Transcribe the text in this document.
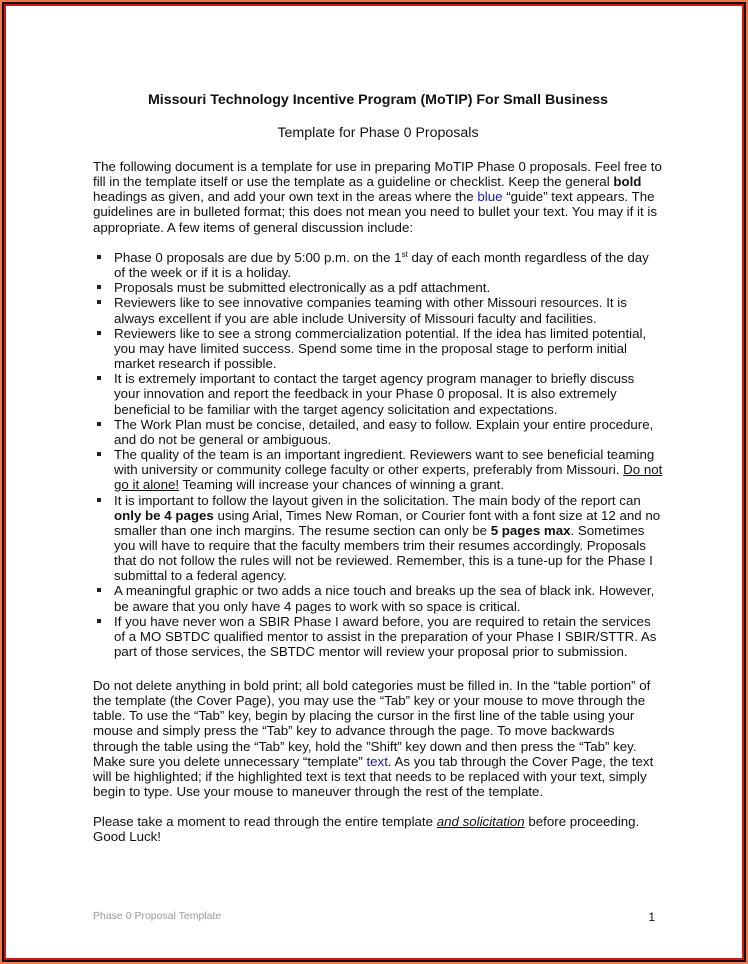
Missouri Technology Incentive Program (MoTIP) For Small Business
Template for Phase 0 Proposals

The following document is a template for use in preparing MoTIP Phase 0 proposals. Feel free to fill in the template itself or use the template as a guideline or checklist. Keep the general bold headings as given, and add your own text in the areas where the blue “guide” text appears. The guidelines are in bulleted format; this does not mean you need to bullet your text. You may if it is appropriate. A few items of general discussion include:

Phase 0 proposals are due by 5:00 p.m. on the 1st day of each month regardless of the day of the week or if it is a holiday.
Proposals must be submitted electronically as a pdf attachment.
Reviewers like to see innovative companies teaming with other Missouri resources. It is always excellent if you are able include University of Missouri faculty and facilities.
Reviewers like to see a strong commercialization potential. If the idea has limited potential, you may have limited success. Spend some time in the proposal stage to perform initial market research if possible.
It is extremely important to contact the target agency program manager to briefly discuss your innovation and report the feedback in your Phase 0 proposal. It is also extremely beneficial to be familiar with the target agency solicitation and expectations.
The Work Plan must be concise, detailed, and easy to follow. Explain your entire procedure, and do not be general or ambiguous.
The quality of the team is an important ingredient. Reviewers want to see beneficial teaming with university or community college faculty or other experts, preferably from Missouri. Do not go it alone! Teaming will increase your chances of winning a grant.
It is important to follow the layout given in the solicitation. The main body of the report can only be 4 pages using Arial, Times New Roman, or Courier font with a font size at 12 and no smaller than one inch margins. The resume section can only be 5 pages max. Sometimes you will have to require that the faculty members trim their resumes accordingly. Proposals that do not follow the rules will not be reviewed. Remember, this is a tune-up for the Phase I submittal to a federal agency.
A meaningful graphic or two adds a nice touch and breaks up the sea of black ink. However, be aware that you only have 4 pages to work with so space is critical.
If you have never won a SBIR Phase I award before, you are required to retain the services of a MO SBTDC qualified mentor to assist in the preparation of your Phase I SBIR/STTR. As part of those services, the SBTDC mentor will review your proposal prior to submission.

Do not delete anything in bold print; all bold categories must be filled in. In the “table portion” of the template (the Cover Page), you may use the “Tab” key or your mouse to move through the table. To use the “Tab” key, begin by placing the cursor in the first line of the table using your mouse and simply press the “Tab” key to advance through the page. To move backwards through the table using the “Tab” key, hold the ”Shift” key down and then press the “Tab” key. Make sure you delete unnecessary “template” text. As you tab through the Cover Page, the text will be highlighted; if the highlighted text is text that needs to be replaced with your text, simply begin to type. Use your mouse to maneuver through the rest of the template.

Please take a moment to read through the entire template and solicitation before proceeding. Good Luck!

Phase 0 Proposal Template	1
